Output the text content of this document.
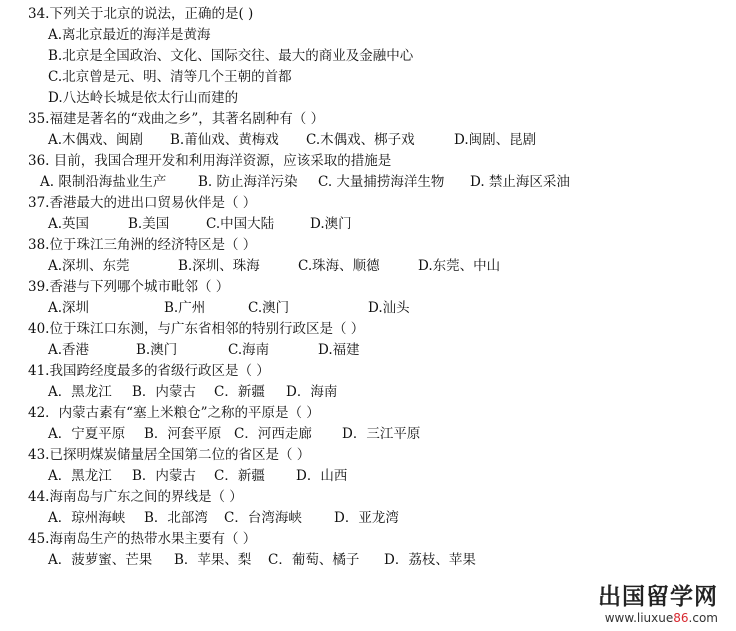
34.下列关于北京的说法，正确的是( )
A.离北京最近的海洋是黄海
B.北京是全国政治、文化、国际交往、最大的商业及金融中心
C.北京曾是元、明、清等几个王朝的首都
D.八达岭长城是依太行山而建的
35.福建是著名的“戏曲之乡”，其著名剧种有（ ）
A.木偶戏、闽剧 B.莆仙戏、黄梅戏 C.木偶戏、梆子戏	D.闽剧、昆剧
36. 目前，我国合理开发和利用海洋资源，应该采取的措施是
A. 限制沿海盐业生产 B. 防止海洋污染 C. 大量捕捞海洋生物 D. 禁止海区采油
37.香港最大的进出口贸易伙伴是（ ）
A.英国	B.美国	C.中国大陆	D.澳门
38.位于珠江三角洲的经济特区是（ ）
A.深圳、东莞	B.深圳、珠海	C.珠海、顺德	D.东莞、中山
39.香港与下列哪个城市毗邻（ ）
A.深圳	B.广州	C.澳门	D.汕头
40.位于珠江口东测，与广东省相邻的特别行政区是（ ）
A.香港	B.澳门	C.海南	D.福建
41.我国跨经度最多的省级行政区是（ ）
A．黑龙江 B．内蒙古 C．新疆 D．海南
42．内蒙古素有“塞上米粮仓”之称的平原是（ ）
A．宁夏平原 B．河套平原 C．河西走廊 D．三江平原
43.已探明煤炭储量居全国第二位的省区是（ ）
A．黑龙江 B．内蒙古 C．新疆 D．山西
44.海南岛与广东之间的界线是（ ）
A．琼州海峡 B．北部湾 C．台湾海峡 D．亚龙湾
45.海南岛生产的热带水果主要有（ ）
A．菠萝蜜、芒果 B．苹果、梨 C．葡萄、橘子 D．荔枝、苹果
出国留学网
www.liuxue86.com
